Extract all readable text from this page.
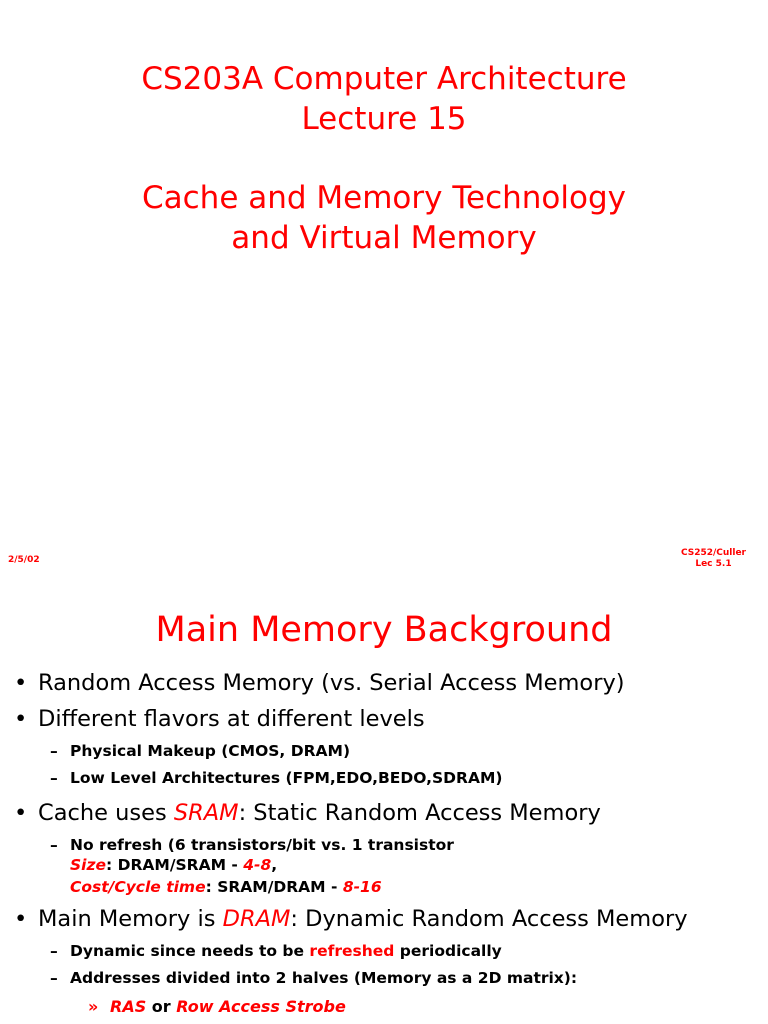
CS203A Computer Architecture
Lecture 15
Cache and Memory Technology
and Virtual Memory
2/5/02
CS252/Culler
Lec 5.1
Main Memory Background
• Random Access Memory (vs. Serial Access Memory)
• Different flavors at different levels
– Physical Makeup (CMOS, DRAM)
– Low Level Architectures (FPM,EDO,BEDO,SDRAM)
• Cache uses SRAM: Static Random Access Memory
– No refresh (6 transistors/bit vs. 1 transistor
Size: DRAM/SRAM - 4-8,
Cost/Cycle time: SRAM/DRAM - 8-16
• Main Memory is DRAM: Dynamic Random Access Memory
– Dynamic since needs to be refreshed periodically
– Addresses divided into 2 halves (Memory as a 2D matrix):
» RAS or Row Access Strobe
